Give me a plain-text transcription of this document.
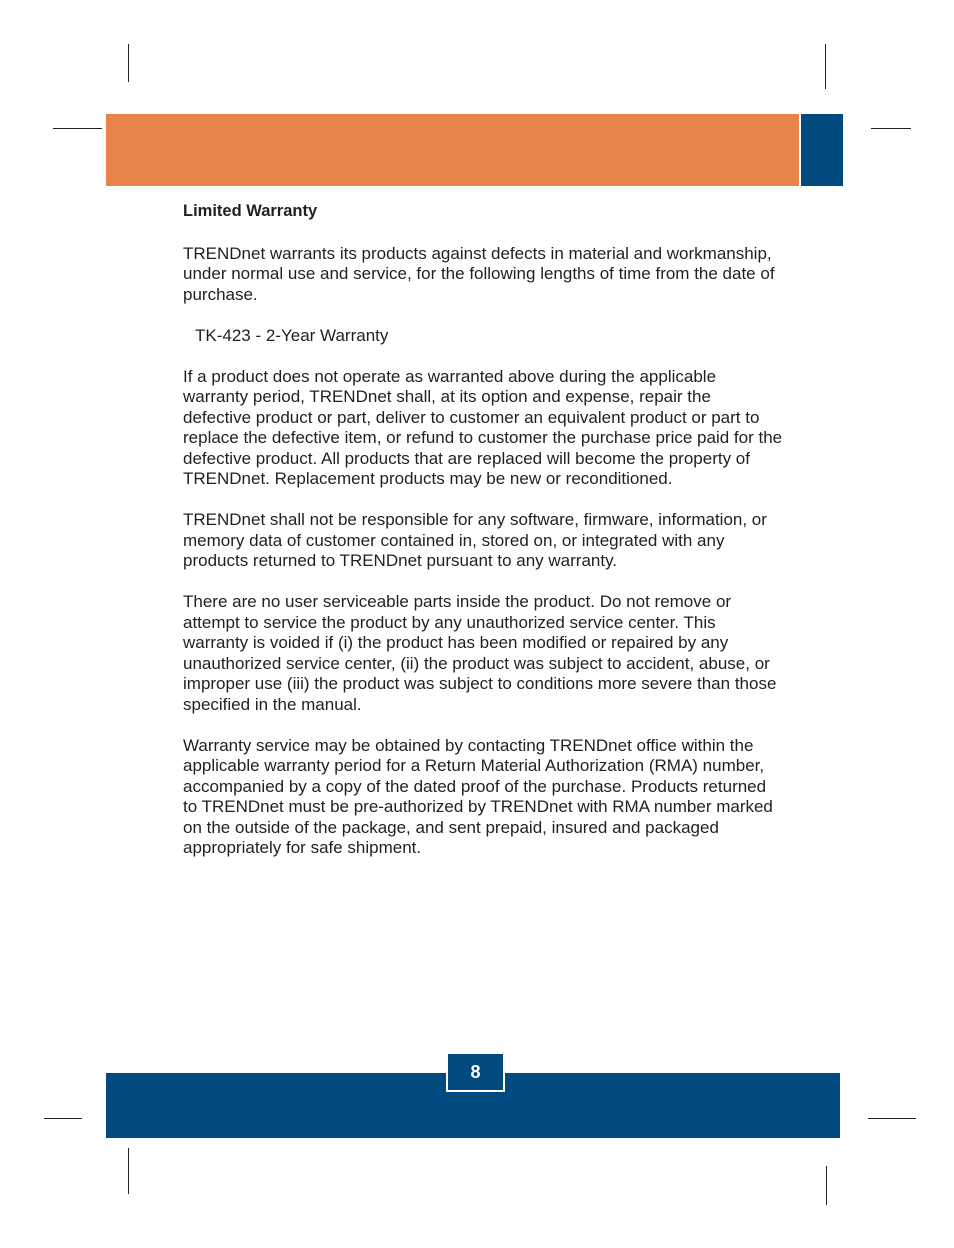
Limited Warranty

TRENDnet warrants its products against defects in material and workmanship, under normal use and service, for the following lengths of time from the date of purchase.

TK-423 - 2-Year Warranty

If a product does not operate as warranted above during the applicable warranty period, TRENDnet shall, at its option and expense, repair the defective product or part, deliver to customer an equivalent product or part to replace the defective item, or refund to customer the purchase price paid for the defective product. All products that are replaced will become the property of TRENDnet. Replacement products may be new or reconditioned.

TRENDnet shall not be responsible for any software, firmware, information, or memory data of customer contained in, stored on, or integrated with any products returned to TRENDnet pursuant to any warranty.

There are no user serviceable parts inside the product. Do not remove or attempt to service the product by any unauthorized service center. This warranty is voided if (i) the product has been modified or repaired by any unauthorized service center, (ii) the product was subject to accident, abuse, or improper use (iii) the product was subject to conditions more severe than those specified in the manual.

Warranty service may be obtained by contacting TRENDnet office within the applicable warranty period for a Return Material Authorization (RMA) number, accompanied by a copy of the dated proof of the purchase. Products returned to TRENDnet must be pre-authorized by TRENDnet with RMA number marked on the outside of the package, and sent prepaid, insured and packaged appropriately for safe shipment.

8
